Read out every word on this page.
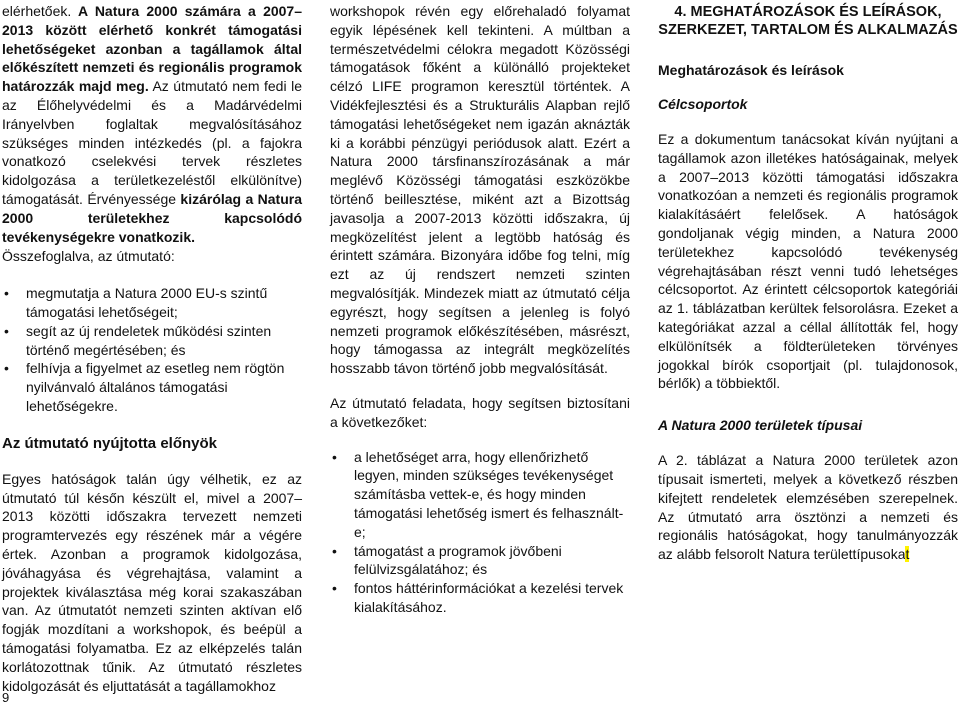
elérhetőek. A Natura 2000 számára a 2007–2013 között elérhető konkrét támogatási lehetőségeket azonban a tagállamok által előkészített nemzeti és regionális programok határozzák majd meg. Az útmutató nem fedi le az Élőhelyvédelmi és a Madárvédelmi Irányelvben foglaltak megvalósításához szükséges minden intézkedés (pl. a fajokra vonatkozó cselekvési tervek részletes kidolgozása a területkezeléstől elkülönítve) támogatását. Érvényessége kizárólag a Natura 2000 területekhez kapcsolódó tevékenységekre vonatkozik.

Összefoglalva, az útmutató:

• megmutatja a Natura 2000 EU-s szintű támogatási lehetőségeit;
• segít az új rendeletek működési szinten történő megértésében; és
• felhívja a figyelmet az esetleg nem rögtön nyilvánvaló általános támogatási lehetőségekre.
Az útmutató nyújtotta előnyök

Egyes hatóságok talán úgy vélhetik, ez az útmutató túl későn készült el, mivel a 2007–2013 közötti időszakra tervezett nemzeti programtervezés egy részének már a végére értek. Azonban a programok kidolgozása, jóváhagyása és végrehajtása, valamint a projektek kiválasztása még korai szakaszában van. Az útmutatót nemzeti szinten aktívan elő fogják mozdítani a workshopok, és beépül a támogatási folyamatba. Ez az elképzelés talán korlátozottnak tűnik. Az útmutató részletes kidolgozását és eljuttatását a tagállamokhoz

workshopok révén egy előrehaladó folyamat egyik lépésének kell tekinteni. A múltban a természetvédelmi célokra megadott Közösségi támogatások főként a különálló projekteket célzó LIFE programon keresztül történtek. A Vidékfejlesztési és a Strukturális Alapban rejlő támogatási lehetőségeket nem igazán aknázták ki a korábbi pénzügyi periódusok alatt. Ezért a Natura 2000 társfinanszírozásának a már meglévő Közösségi támogatási eszközökbe történő beillesztése, miként azt a Bizottság javasolja a 2007-2013 közötti időszakra, új megközelítést jelent a legtöbb hatóság és érintett számára. Bizonyára időbe fog telni, míg ezt az új rendszert nemzeti szinten megvalósítják. Mindezek miatt az útmutató célja egyrészt, hogy segítsen a jelenleg is folyó nemzeti programok előkészítésében, másrészt, hogy támogassa az integrált megközelítés hosszabb távon történő jobb megvalósítását.

Az útmutató feladata, hogy segítsen biztosítani a következőket:

• a lehetőséget arra, hogy ellenőrizhető legyen, minden szükséges tevékenységet számításba vettek-e, és hogy minden támogatási lehetőség ismert és felhasznált-e;
• támogatást a programok jövőbeni felülvizsgálatához; és
• fontos háttérinformációkat a kezelési tervek kialakításához.
4. MEGHATÁROZÁSOK ÉS LEÍRÁSOK, SZERKEZET, TARTALOM ÉS ALKALMAZÁS
Meghatározások és leírások
Célcsoportok

Ez a dokumentum tanácsokat kíván nyújtani a tagállamok azon illetékes hatóságainak, melyek a 2007–2013 közötti támogatási időszakra vonatkozóan a nemzeti és regionális programok kialakításáért felelősek. A hatóságok gondoljanak végig minden, a Natura 2000 területekhez kapcsolódó tevékenység végrehajtásában részt venni tudó lehetséges célcsoportot. Az érintett célcsoportok kategóriái az 1. táblázatban kerültek felsorolásra. Ezeket a kategóriákat azzal a céllal állították fel, hogy elkülönítsék a földterületeken törvényes jogokkal bírók csoportjait (pl. tulajdonosok, bérlők) a többiektől.

A Natura 2000 területek típusai

A 2. táblázat a Natura 2000 területek azon típusait ismerteti, melyek a következő részben kifejtett rendeletek elemzésében szerepelnek. Az útmutató arra ösztönzi a nemzeti és regionális hatóságokat, hogy tanulmányozzák az alább felsorolt Natura területtípusokat

9
